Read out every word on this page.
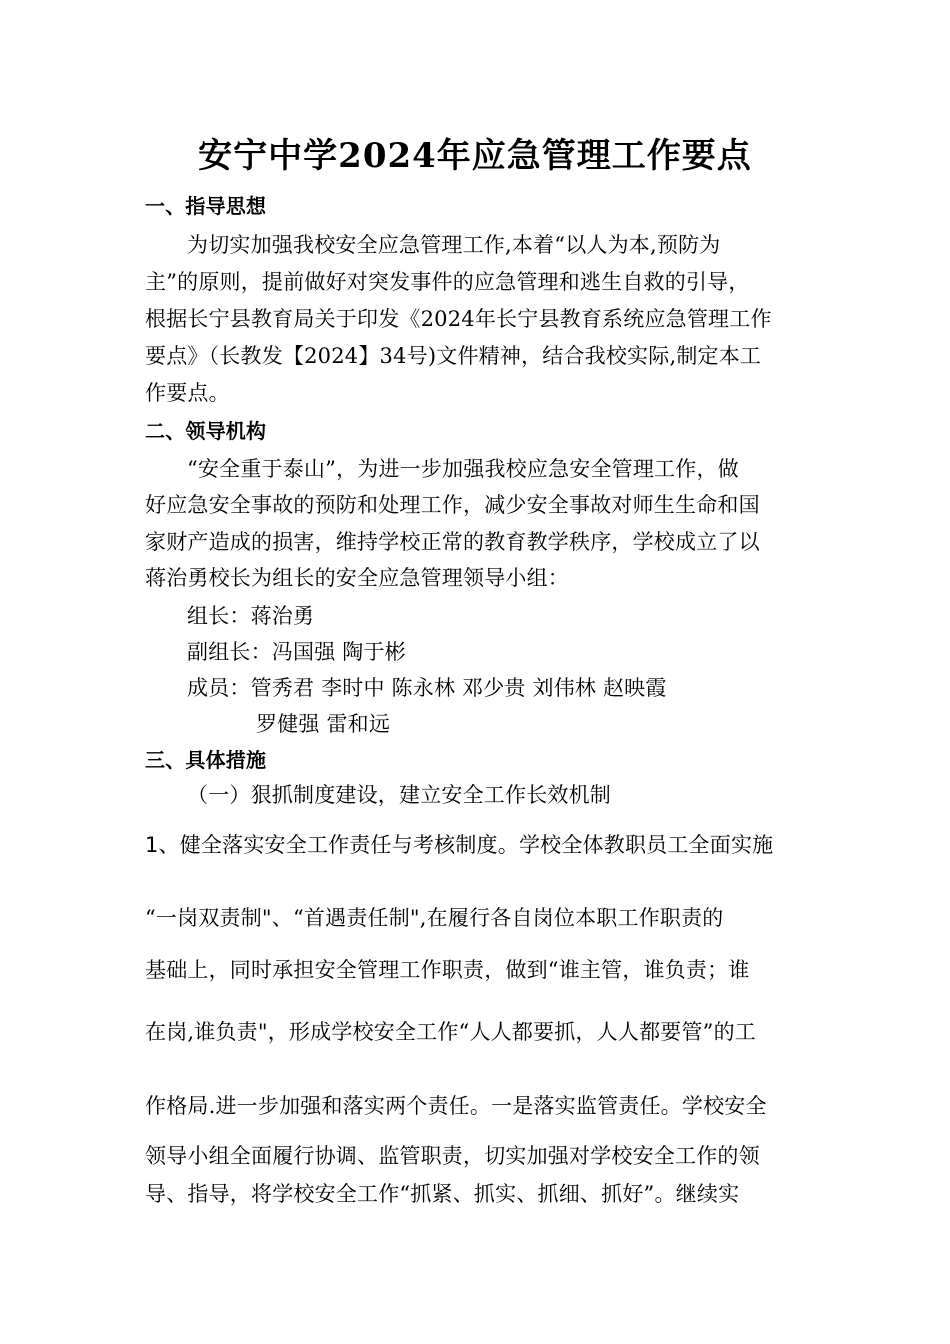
安宁中学2024年应急管理工作要点
一、指导思想
为切实加强我校安全应急管理工作,本着“以人为本,预防为
主”的原则，提前做好对突发事件的应急管理和逃生自救的引导，
根据长宁县教育局关于印发《2024年长宁县教育系统应急管理工作
要点》（长教发【2024】34号)文件精神，结合我校实际,制定本工
作要点。
二、领导机构
“安全重于泰山”，为进一步加强我校应急安全管理工作，做
好应急安全事故的预防和处理工作，减少安全事故对师生生命和国
家财产造成的损害，维持学校正常的教育教学秩序，学校成立了以
蒋治勇校长为组长的安全应急管理领导小组：
组长：蒋治勇
副组长：冯国强 陶于彬
成员：管秀君 李时中 陈永林 邓少贵 刘伟林 赵映霞
罗健强 雷和远
三、具体措施
（一）狠抓制度建设，建立安全工作长效机制
1、健全落实安全工作责任与考核制度。学校全体教职员工全面实施
“一岗双责制"、“首遇责任制",在履行各自岗位本职工作职责的
基础上，同时承担安全管理工作职责，做到“谁主管，谁负责；谁
在岗,谁负责"，形成学校安全工作“人人都要抓，人人都要管”的工
作格局.进一步加强和落实两个责任。一是落实监管责任。学校安全
领导小组全面履行协调、监管职责，切实加强对学校安全工作的领
导、指导，将学校安全工作“抓紧、抓实、抓细、抓好”。继续实
